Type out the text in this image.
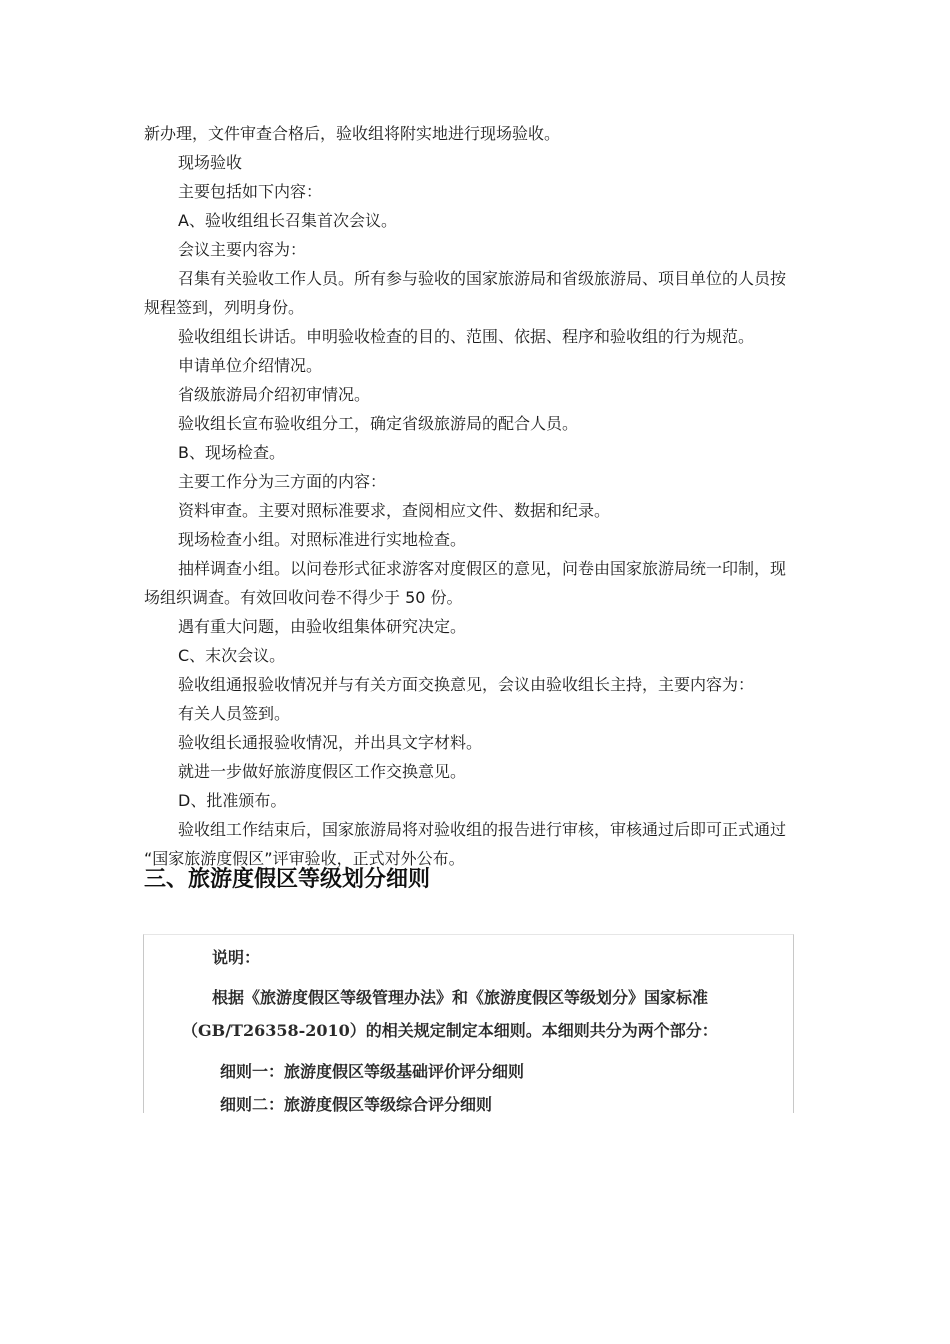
新办理，文件审查合格后，验收组将附实地进行现场验收。
现场验收
主要包括如下内容：
A、验收组组长召集首次会议。
会议主要内容为：
召集有关验收工作人员。所有参与验收的国家旅游局和省级旅游局、项目单位的人员按
规程签到，列明身份。
验收组组长讲话。申明验收检查的目的、范围、依据、程序和验收组的行为规范。
申请单位介绍情况。
省级旅游局介绍初审情况。
验收组长宣布验收组分工，确定省级旅游局的配合人员。
B、现场检查。
主要工作分为三方面的内容：
资料审查。主要对照标准要求，查阅相应文件、数据和纪录。
现场检查小组。对照标准进行实地检查。
抽样调查小组。以问卷形式征求游客对度假区的意见，问卷由国家旅游局统一印制，现
场组织调查。有效回收问卷不得少于 50 份。
遇有重大问题，由验收组集体研究决定。
C、末次会议。
验收组通报验收情况并与有关方面交换意见，会议由验收组长主持，主要内容为：
有关人员签到。
验收组长通报验收情况，并出具文字材料。
就进一步做好旅游度假区工作交换意见。
D、批准颁布。
验收组工作结束后，国家旅游局将对验收组的报告进行审核，审核通过后即可正式通过
“国家旅游度假区”评审验收，正式对外公布。
三、旅游度假区等级划分细则
说明：
根据《旅游度假区等级管理办法》和《旅游度假区等级划分》国家标准
（GB/T26358-2010）的相关规定制定本细则。本细则共分为两个部分：
细则一：旅游度假区等级基础评价评分细则
细则二：旅游度假区等级综合评分细则
